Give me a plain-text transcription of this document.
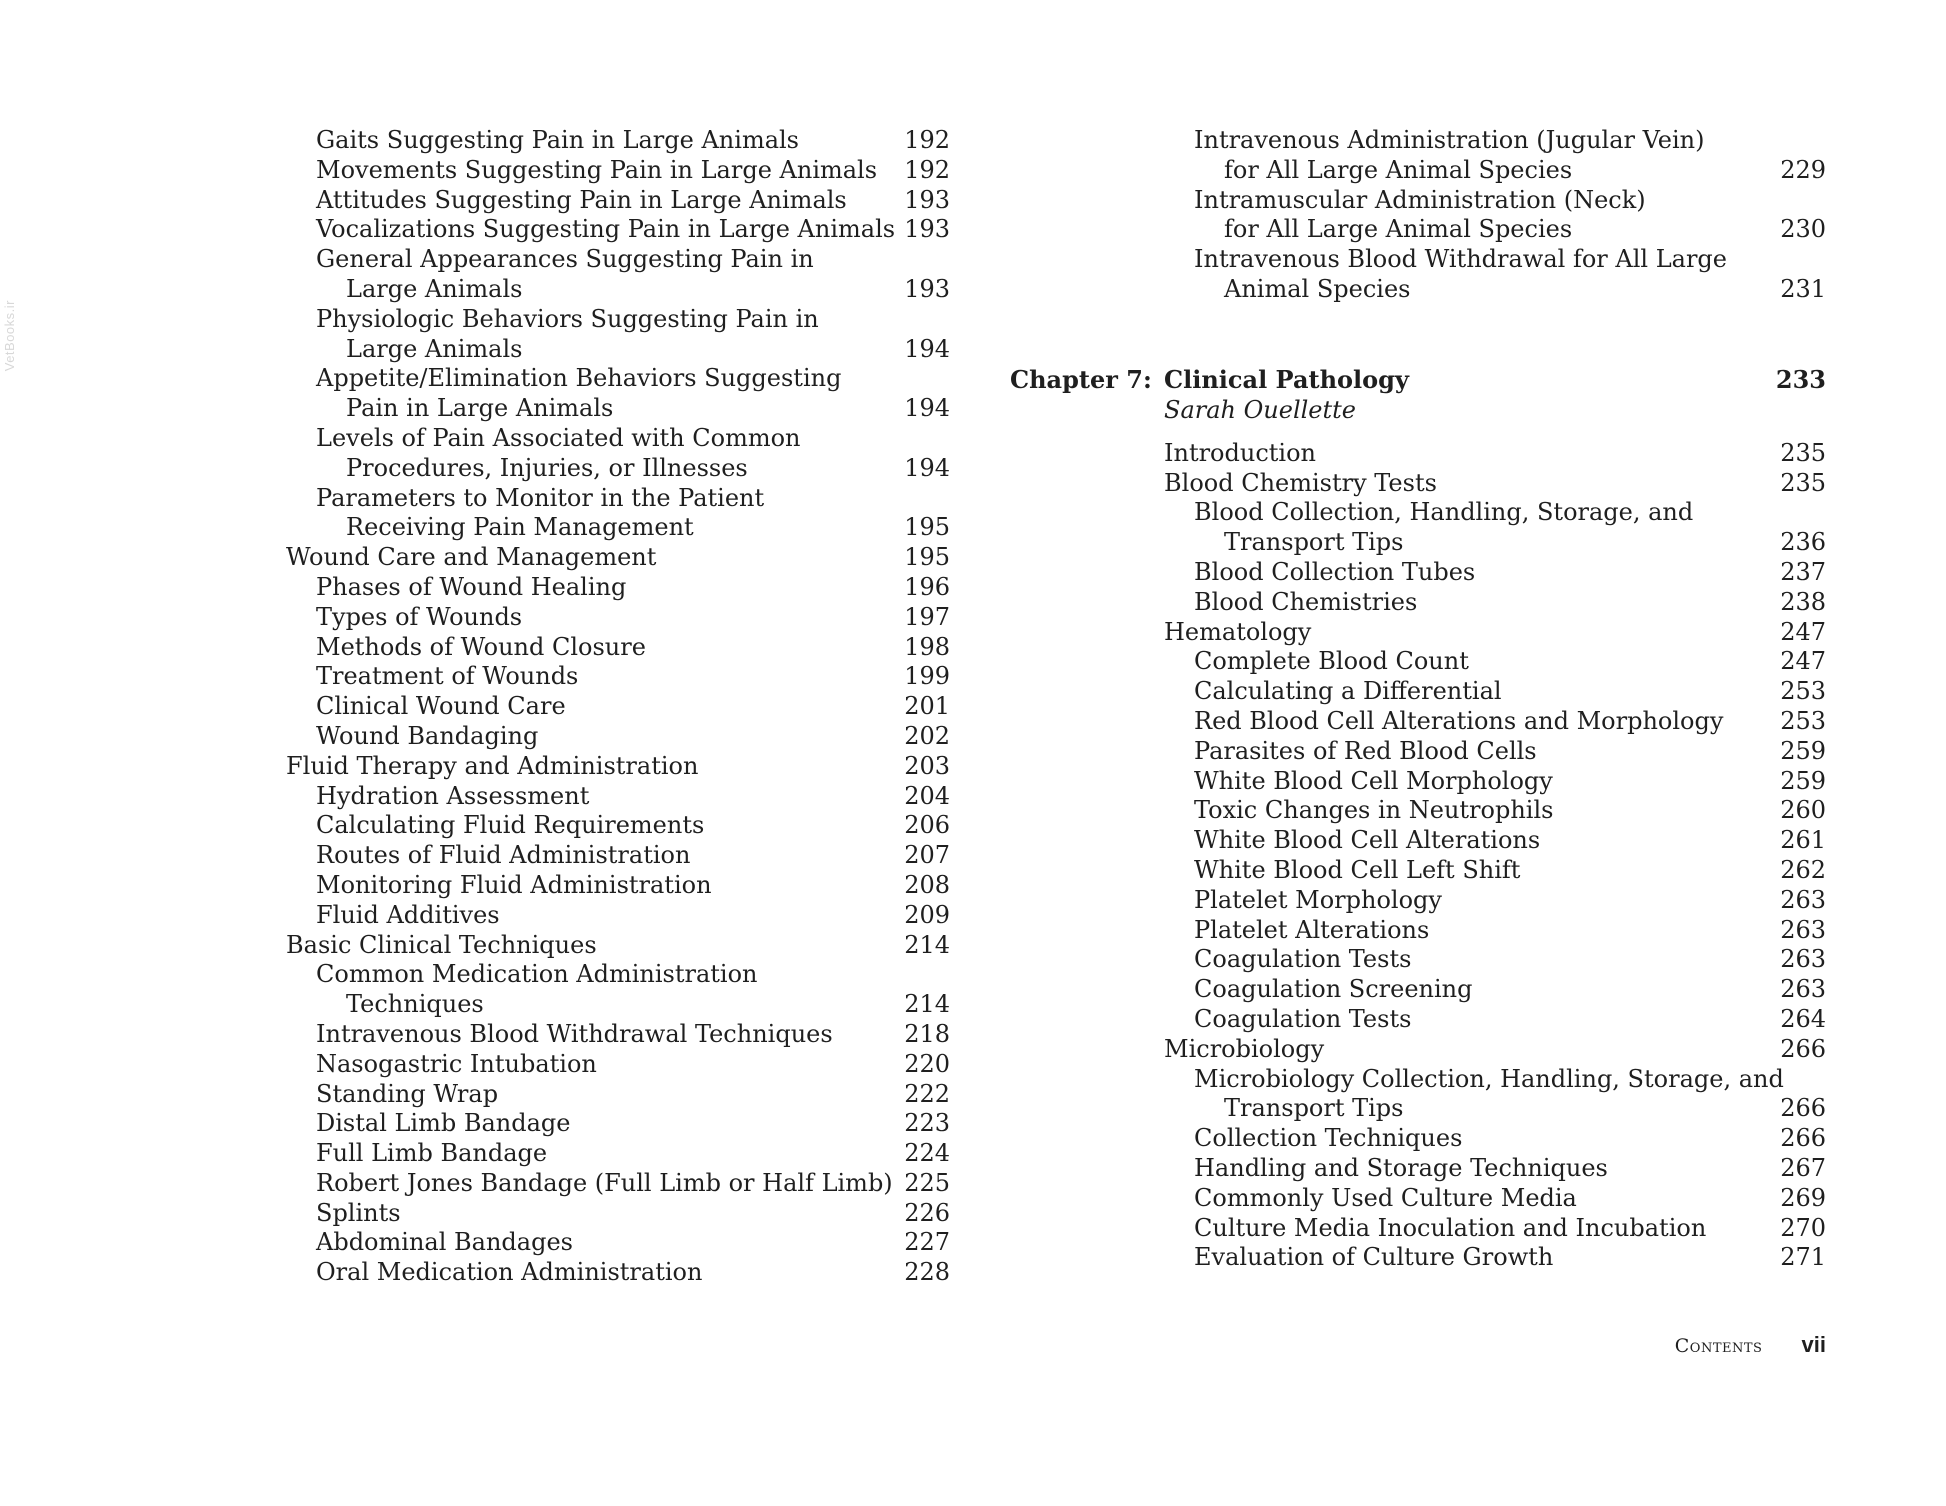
VetBooks.ir
Gaits Suggesting Pain in Large Animals	192
Movements Suggesting Pain in Large Animals 192
Attitudes Suggesting Pain in Large Animals 193
Vocalizations Suggesting Pain in Large Animals 193
General Appearances Suggesting Pain in
Large Animals	193
Physiologic Behaviors Suggesting Pain in
Large Animals	194
Appetite/Elimination Behaviors Suggesting
Pain in Large Animals	194
Levels of Pain Associated with Common
Procedures, Injuries, or Illnesses	194
Parameters to Monitor in the Patient
Receiving Pain Management	195
Wound Care and Management	195
Phases of Wound Healing	196
Types of Wounds	197
Methods of Wound Closure	198
Treatment of Wounds	199
Clinical Wound Care	201
Wound Bandaging	202
Fluid Therapy and Administration	203
Hydration Assessment	204
Calculating Fluid Requirements	206
Routes of Fluid Administration	207
Monitoring Fluid Administration	208
Fluid Additives	209
Basic Clinical Techniques	214
Common Medication Administration
Techniques	214
Intravenous Blood Withdrawal Techniques	218
Nasogastric Intubation	220
Standing Wrap	222
Distal Limb Bandage	223
Full Limb Bandage	224
Robert Jones Bandage (Full Limb or Half Limb) 225
Splints	226
Abdominal Bandages	227
Oral Medication Administration	228
Intravenous Administration (Jugular Vein)
for All Large Animal Species	229
Intramuscular Administration (Neck)
for All Large Animal Species	230
Intravenous Blood Withdrawal for All Large
Animal Species	231
Chapter 7: Clinical Pathology	233
Sarah Ouellette
Introduction	235
Blood Chemistry Tests	235
Blood Collection, Handling, Storage, and
Transport Tips	236
Blood Collection Tubes	237
Blood Chemistries	238
Hematology	247
Complete Blood Count	247
Calculating a Differential	253
Red Blood Cell Alterations and Morphology 253
Parasites of Red Blood Cells	259
White Blood Cell Morphology	259
Toxic Changes in Neutrophils	260
White Blood Cell Alterations	261
White Blood Cell Left Shift	262
Platelet Morphology	263
Platelet Alterations	263
Coagulation Tests	263
Coagulation Screening	263
Coagulation Tests	264
Microbiology	266
Microbiology Collection, Handling, Storage, and
Transport Tips	266
Collection Techniques	266
Handling and Storage Techniques	267
Commonly Used Culture Media	269
Culture Media Inoculation and Incubation	270
Evaluation of Culture Growth	271
Contents vii
